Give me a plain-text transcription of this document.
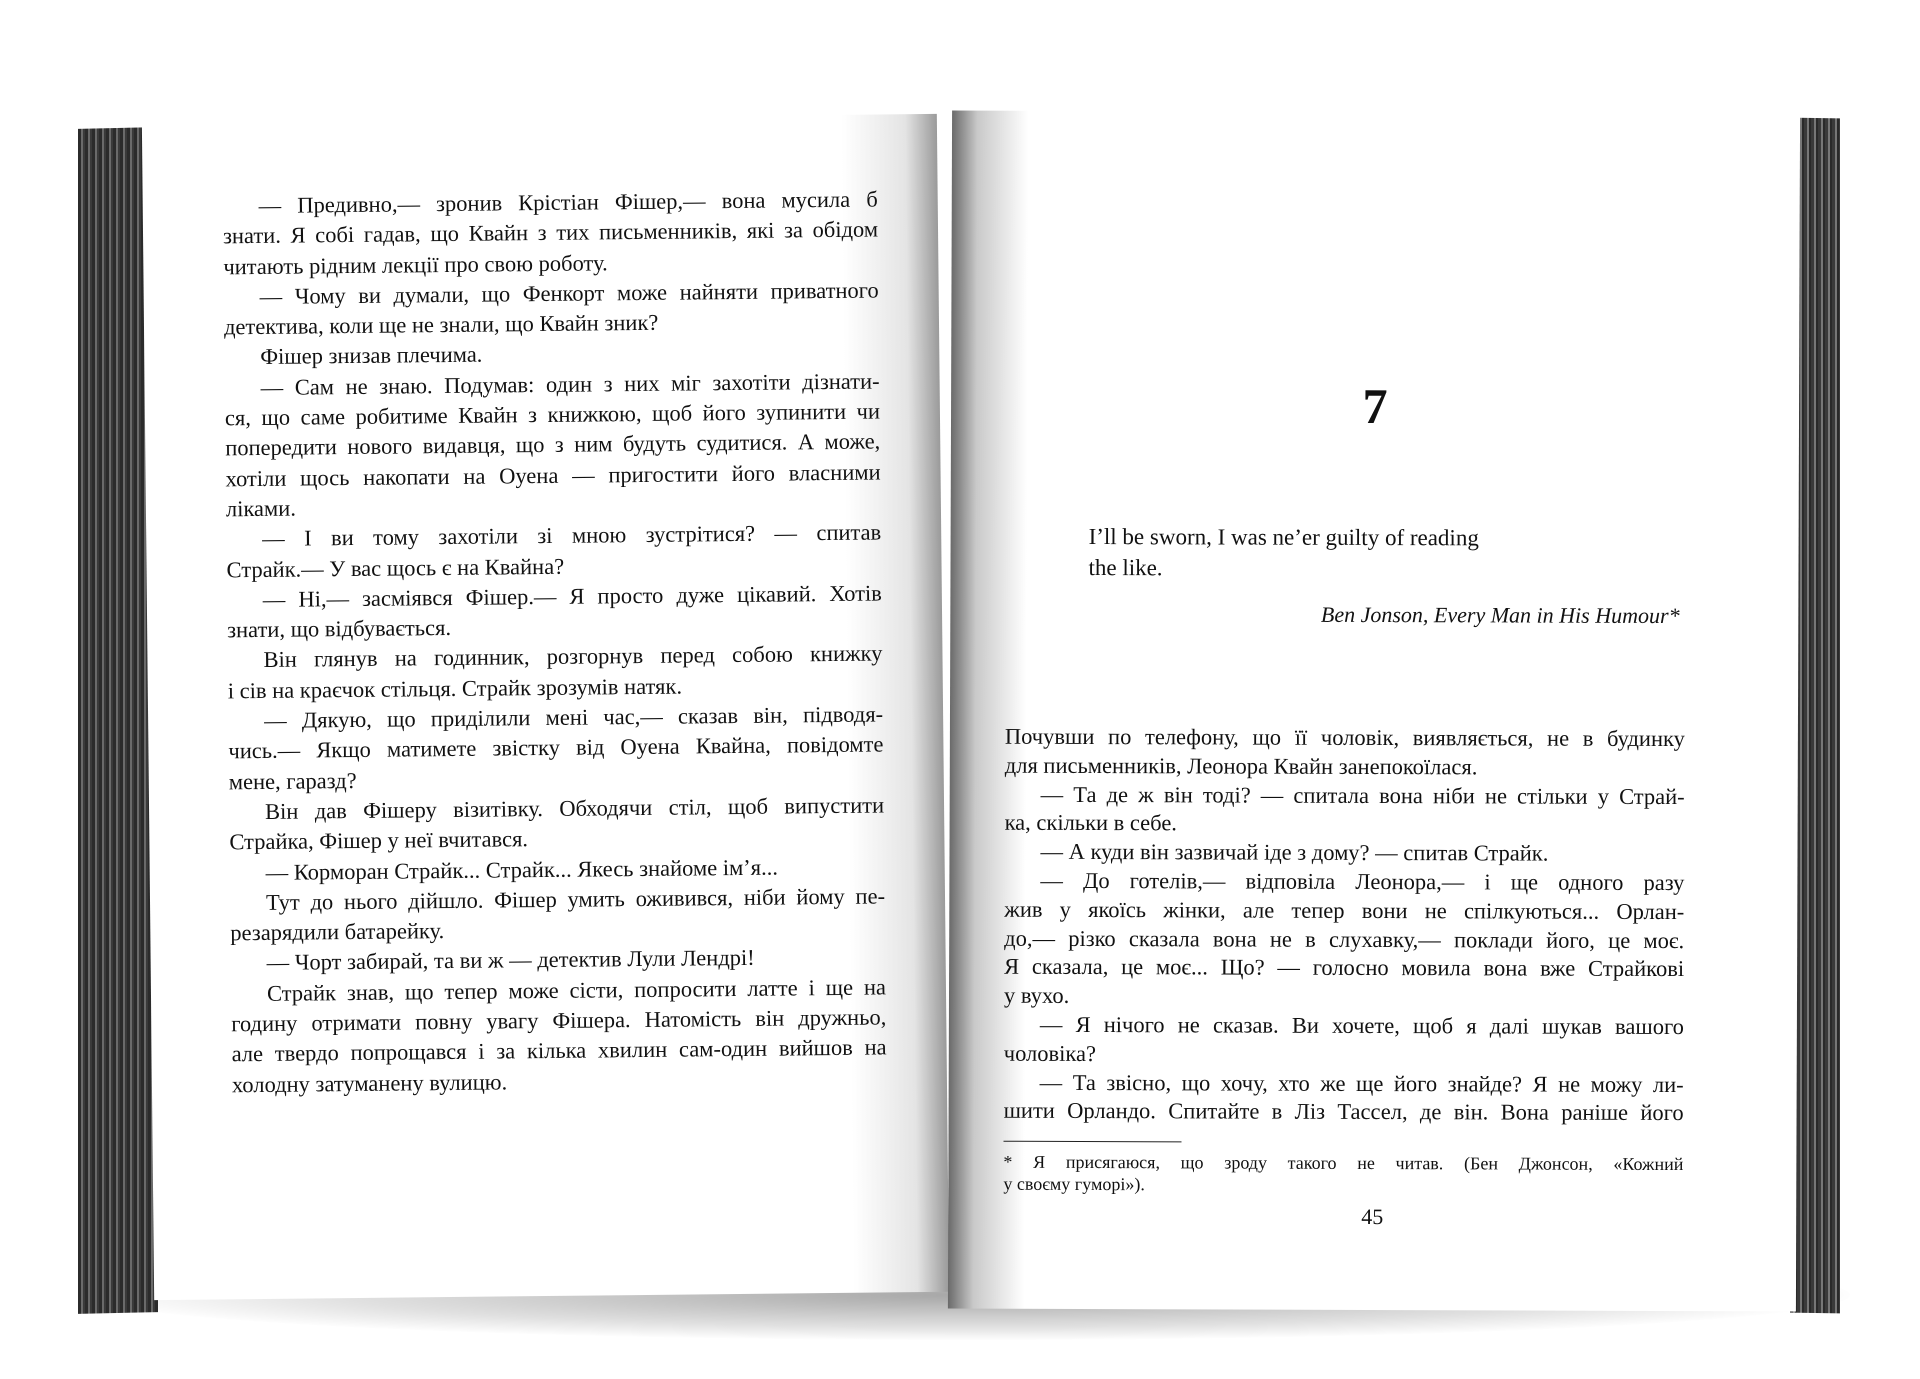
— Предивно,— зронив Крістіан Фішер,— вона мусила б
знати. Я собі гадав, що Квайн з тих письменників, які за обідом
читають рідним лекції про свою роботу.
— Чому ви думали, що Фенкорт може найняти приватного
детектива, коли ще не знали, що Квайн зник?
Фішер знизав плечима.
— Сам не знаю. Подумав: один з них міг захотіти дізнати-
ся, що саме робитиме Квайн з книжкою, щоб його зупинити чи
попередити нового видавця, що з ним будуть судитися. А може,
хотіли щось накопати на Оуена — пригостити його власними
ліками.
— І ви тому захотіли зі мною зустрітися? — спитав
Страйк.— У вас щось є на Квайна?
— Ні,— засміявся Фішер.— Я просто дуже цікавий. Хотів
знати, що відбувається.
Він глянув на годинник, розгорнув перед собою книжку
і сів на краєчок стільця. Страйк зрозумів натяк.
— Дякую, що приділили мені час,— сказав він, підводя-
чись.— Якщо матимете звістку від Оуена Квайна, повідомте
мене, гаразд?
Він дав Фішеру візитівку. Обходячи стіл, щоб випустити
Страйка, Фішер у неї вчитався.
— Корморан Страйк... Страйк... Якесь знайоме ім’я...
Тут до нього дійшло. Фішер умить оживився, ніби йому пе-
резарядили батарейку.
— Чорт забирай, та ви ж — детектив Лули Лендрі!
Страйк знав, що тепер може сісти, попросити латте і ще на
годину отримати повну увагу Фішера. Натомість він дружньо,
але твердо попрощався і за кілька хвилин сам-один вийшов на
холодну затуманену вулицю.
7
I’ll be sworn, I was ne’er guilty of reading
the like.
Ben Jonson, Every Man in His Humour*
Почувши по телефону, що її чоловік, виявляється, не в будинку
для письменників, Леонора Квайн занепокоїлася.
— Та де ж він тоді? — спитала вона ніби не стільки у Страй-
ка, скільки в себе.
— А куди він зазвичай іде з дому? — спитав Страйк.
— До готелів,— відповіла Леонора,— і ще одного разу
жив у якоїсь жінки, але тепер вони не спілкуються... Орлан-
до,— різко сказала вона не в слухавку,— поклади його, це моє.
Я сказала, це моє... Що? — голосно мовила вона вже Страйкові
у вухо.
— Я нічого не сказав. Ви хочете, щоб я далі шукав вашого
чоловіка?
— Та звісно, що хочу, хто же ще його знайде? Я не можу ли-
шити Орландо. Спитайте в Ліз Тассел, де він. Вона раніше його
* Я присягаюся, що зроду такого не читав. (Бен Джонсон, «Кожний
у своєму гуморі»).
45
